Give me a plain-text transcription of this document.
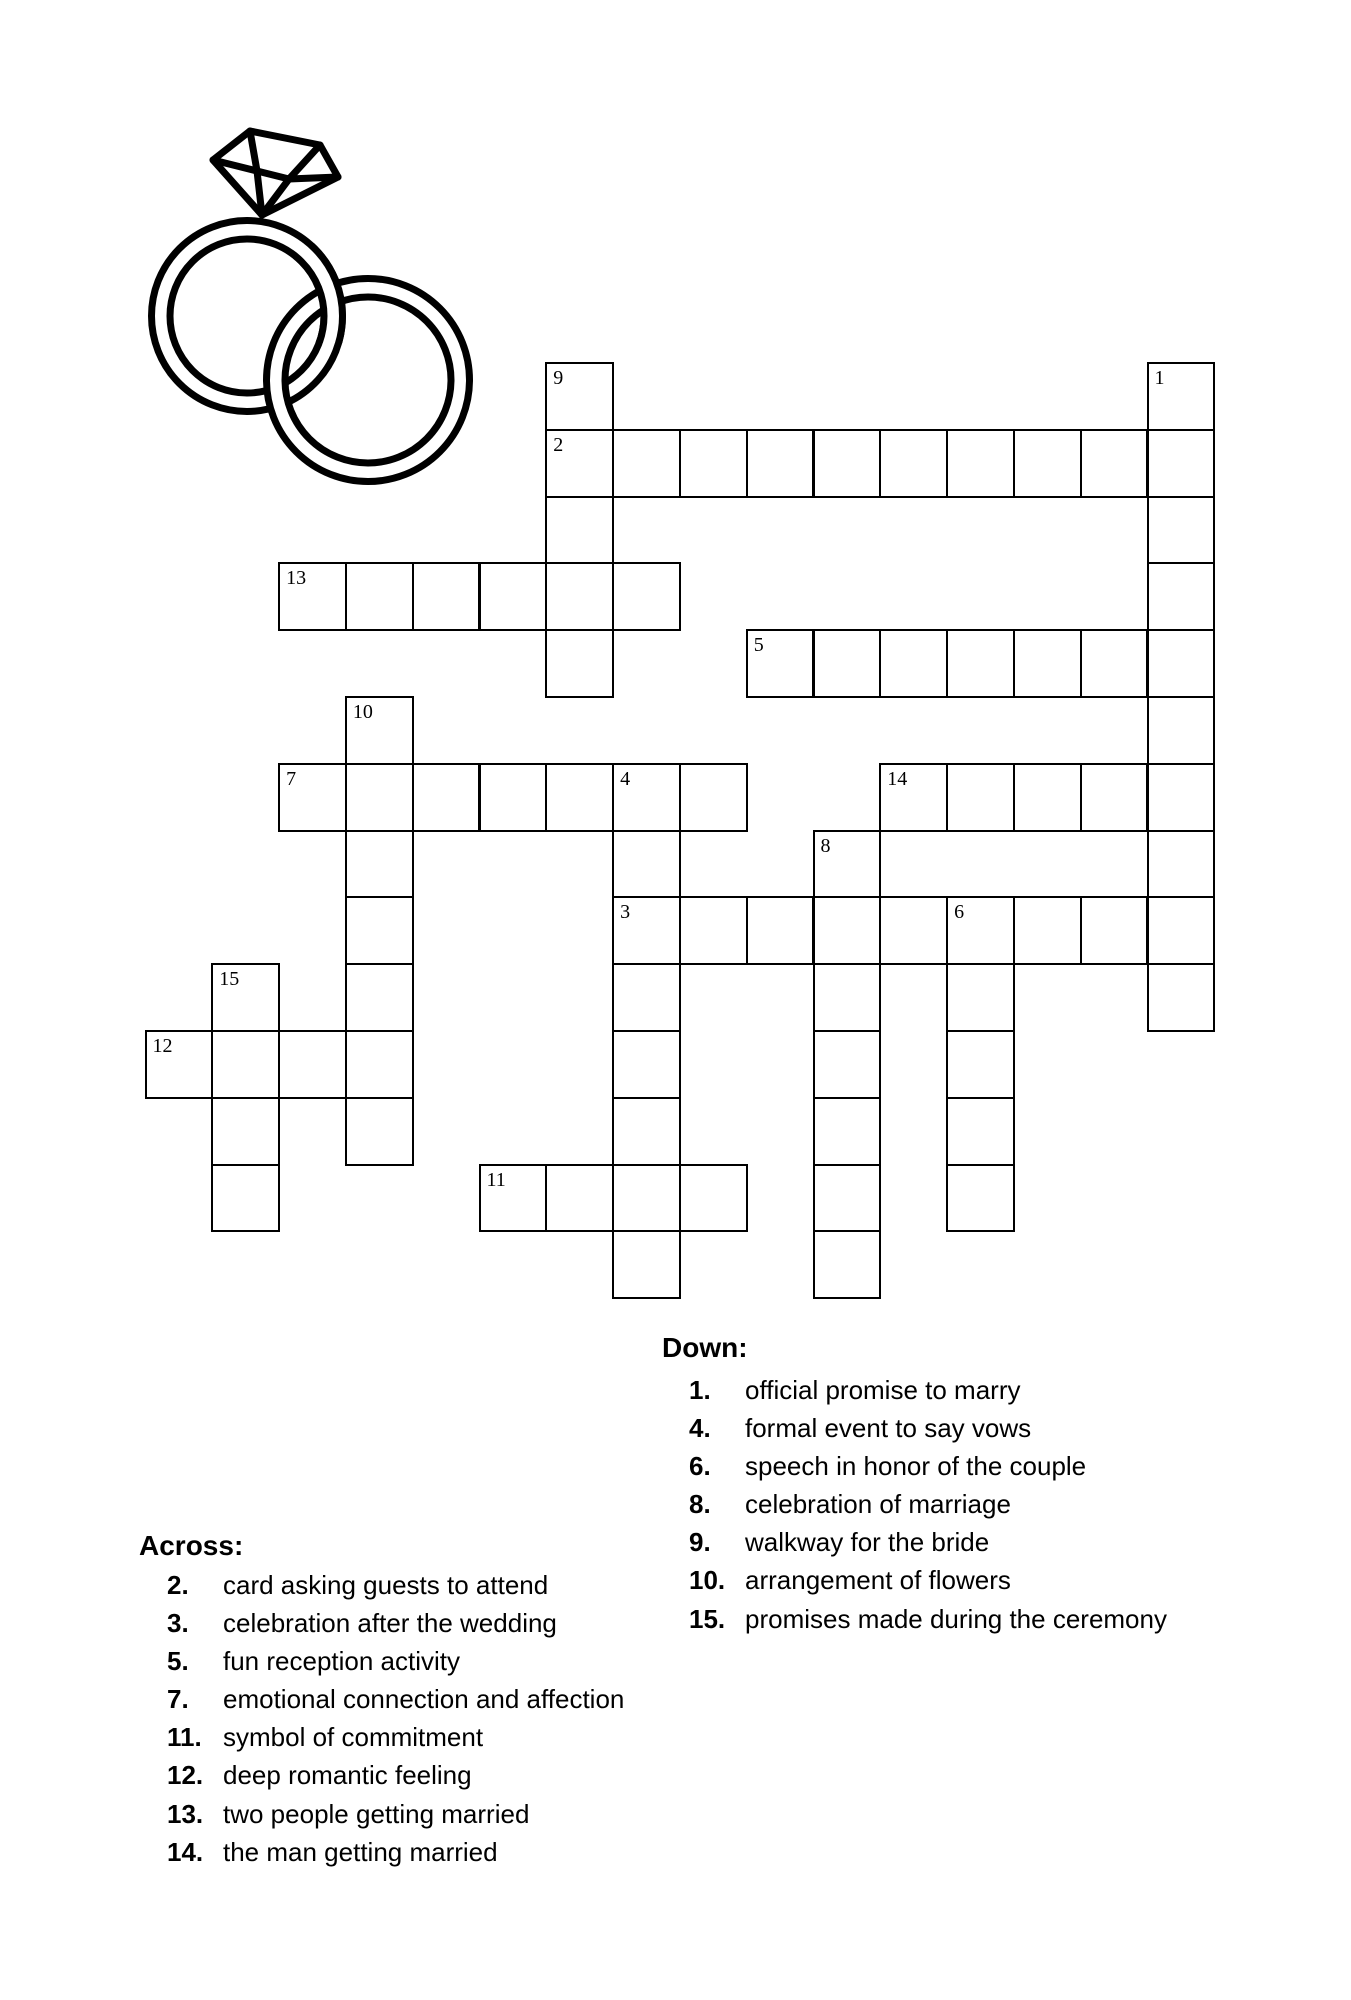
9	1
2
13
5
10
7	4	14
8
3	6
15
12
11
Down:
1. official promise to marry
4. formal event to say vows
6. speech in honor of the couple
8. celebration of marriage
9. walkway for the bride
10. arrangement of flowers
15. promises made during the ceremony
Across:
2. card asking guests to attend
3. celebration after the wedding
5. fun reception activity
7. emotional connection and affection
11. symbol of commitment
12. deep romantic feeling
13. two people getting married
14. the man getting married
